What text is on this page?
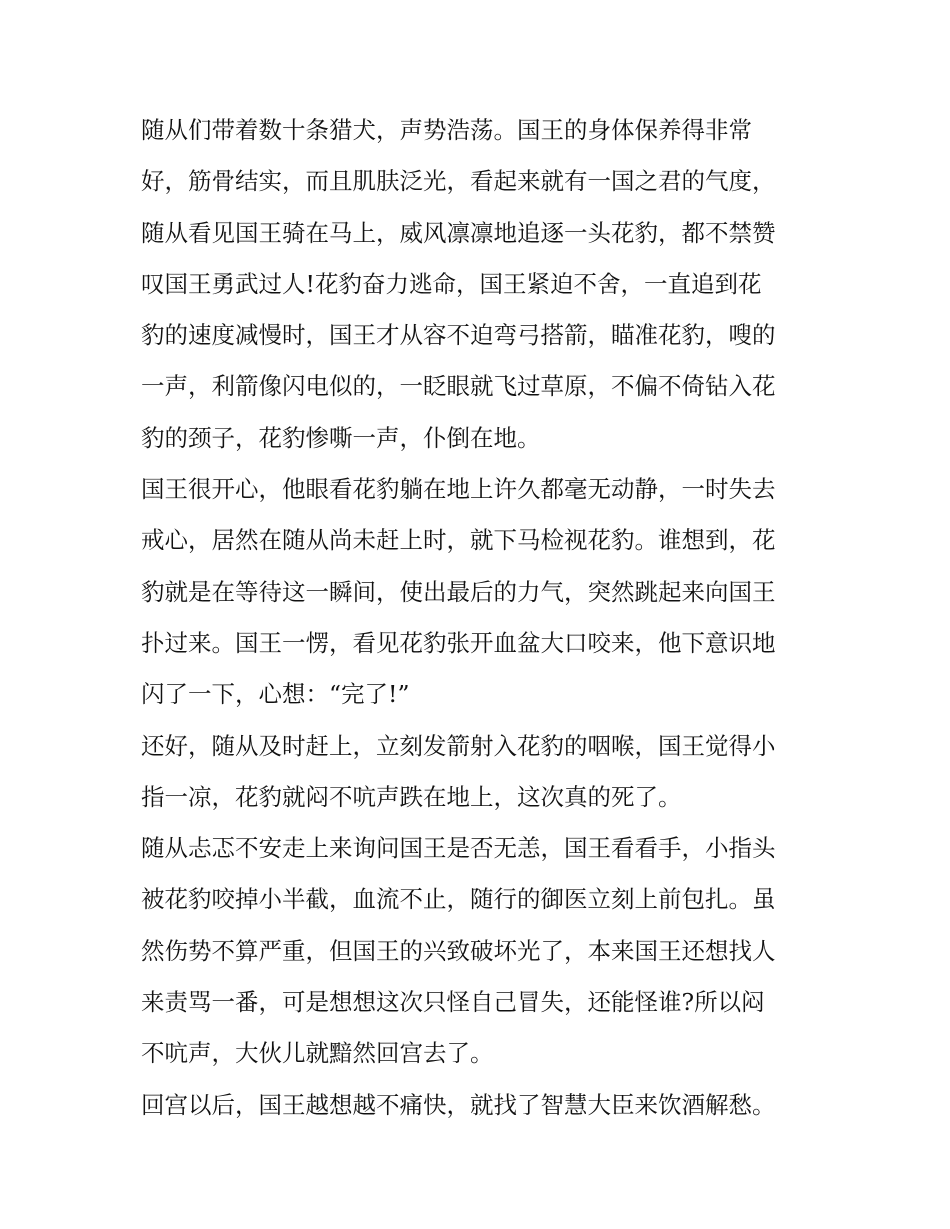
随从们带着数十条猎犬，声势浩荡。国王的身体保养得非常
好，筋骨结实，而且肌肤泛光，看起来就有一国之君的气度，
随从看见国王骑在马上，威风凛凛地追逐一头花豹，都不禁赞
叹国王勇武过人!花豹奋力逃命，国王紧迫不舍，一直追到花
豹的速度减慢时，国王才从容不迫弯弓搭箭，瞄准花豹，嗖的
一声，利箭像闪电似的，一眨眼就飞过草原，不偏不倚钻入花
豹的颈子，花豹惨嘶一声，仆倒在地。
国王很开心，他眼看花豹躺在地上许久都毫无动静，一时失去
戒心，居然在随从尚未赶上时，就下马检视花豹。谁想到，花
豹就是在等待这一瞬间，使出最后的力气，突然跳起来向国王
扑过来。国王一愣，看见花豹张开血盆大口咬来，他下意识地
闪了一下，心想：“完了!”
还好，随从及时赶上，立刻发箭射入花豹的咽喉，国王觉得小
指一凉，花豹就闷不吭声跌在地上，这次真的死了。
随从忐忑不安走上来询问国王是否无恙，国王看看手，小指头
被花豹咬掉小半截，血流不止，随行的御医立刻上前包扎。虽
然伤势不算严重，但国王的兴致破坏光了，本来国王还想找人
来责骂一番，可是想想这次只怪自己冒失，还能怪谁?所以闷
不吭声，大伙儿就黯然回宫去了。
回宫以后，国王越想越不痛快，就找了智慧大臣来饮酒解愁。
